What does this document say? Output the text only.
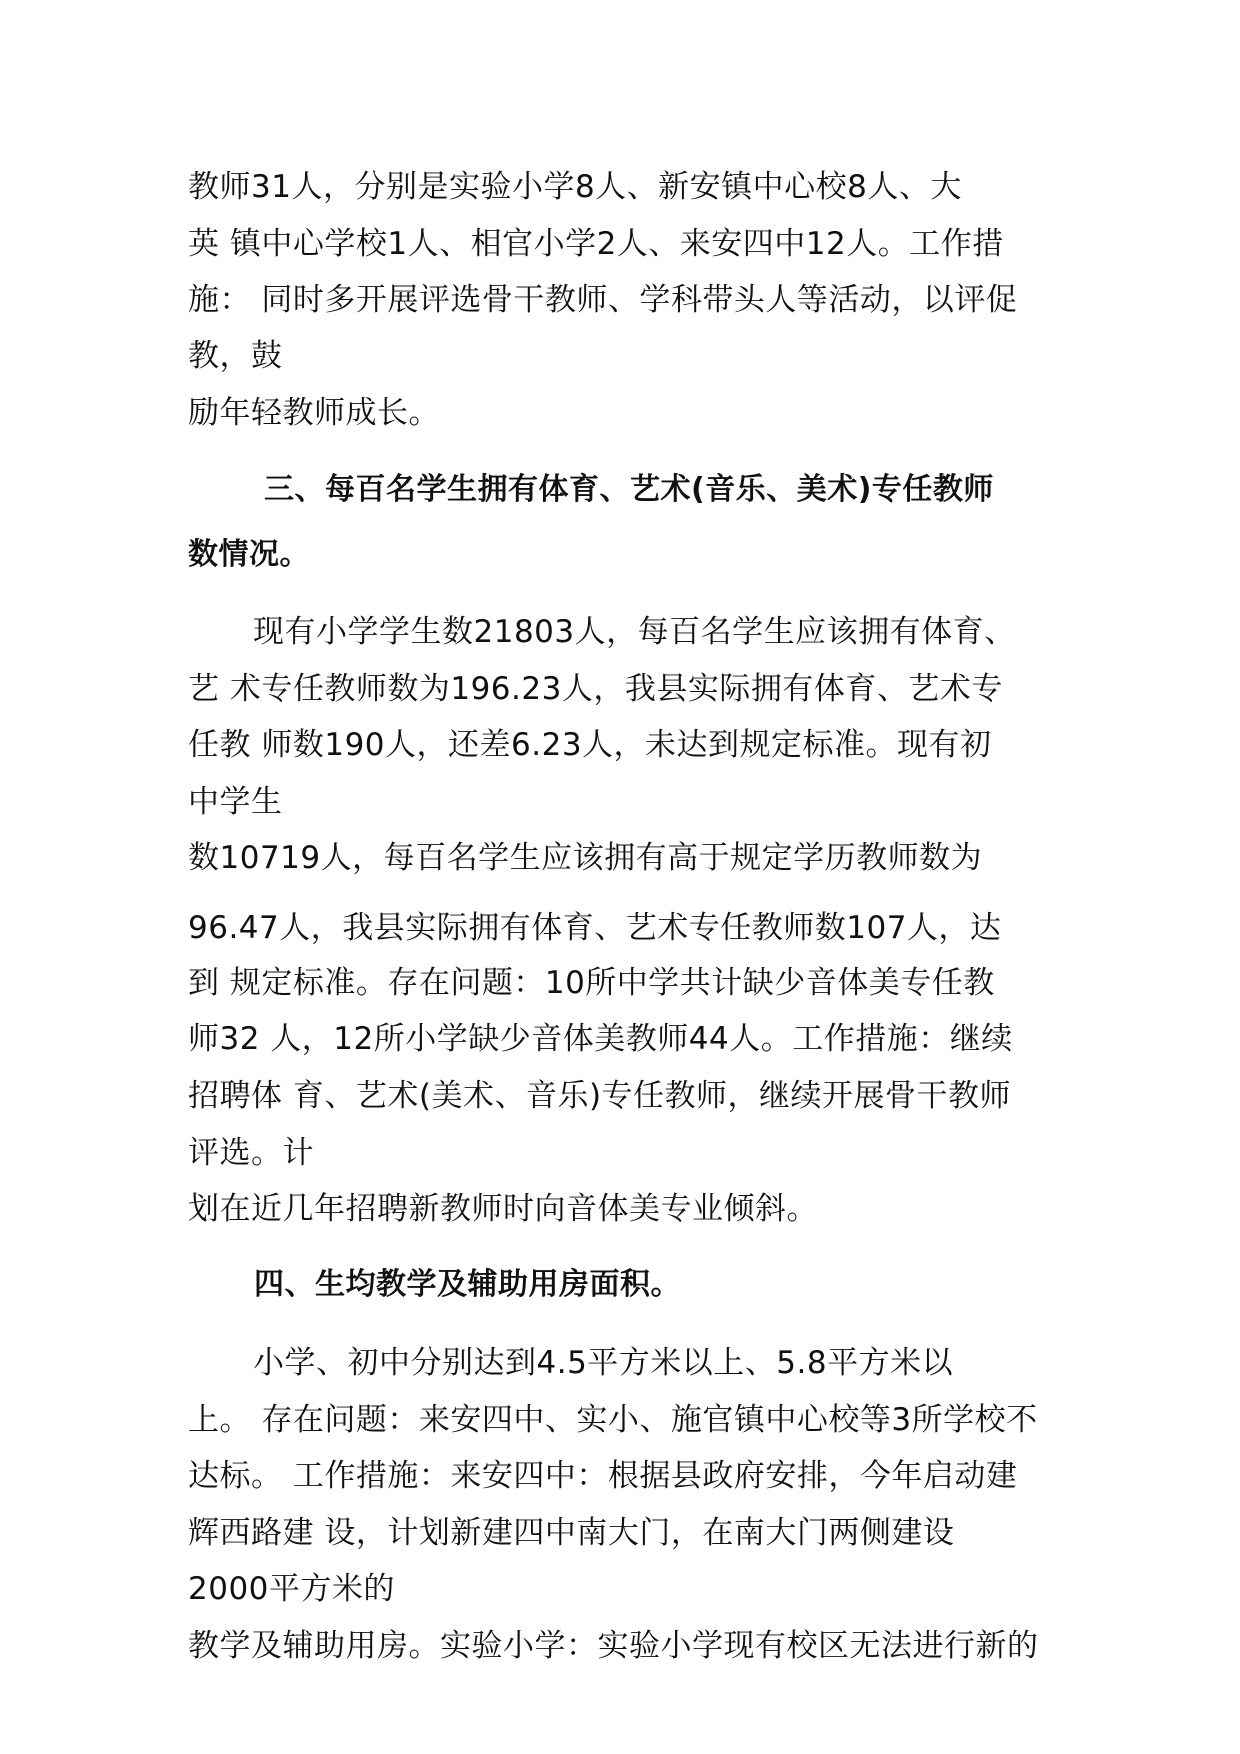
教师31人，分别是实验小学8人、新安镇中心校8人、大
英 镇中心学校1人、相官小学2人、来安四中12人。工作措
施： 同时多开展评选骨干教师、学科带头人等活动，以评促
教，鼓
励年轻教师成长。
三、每百名学生拥有体育、艺术(音乐、美术)专任教师
数情况。
现有小学学生数21803人，每百名学生应该拥有体育、
艺 术专任教师数为196.23人，我县实际拥有体育、艺术专
任教 师数190人，还差6.23人，未达到规定标准。现有初
中学生
数10719人，每百名学生应该拥有高于规定学历教师数为
96.47人，我县实际拥有体育、艺术专任教师数107人，达
到 规定标准。存在问题：10所中学共计缺少音体美专任教
师32 人，12所小学缺少音体美教师44人。工作措施：继续
招聘体 育、艺术(美术、音乐)专任教师，继续开展骨干教师
评选。计
划在近几年招聘新教师时向音体美专业倾斜。
四、生均教学及辅助用房面积。
小学、初中分别达到4.5平方米以上、5.8平方米以
上。 存在问题：来安四中、实小、施官镇中心校等3所学校不
达标。 工作措施：来安四中：根据县政府安排，今年启动建
辉西路建 设，计划新建四中南大门，在南大门两侧建设
2000平方米的
教学及辅助用房。实验小学：实验小学现有校区无法进行新的
